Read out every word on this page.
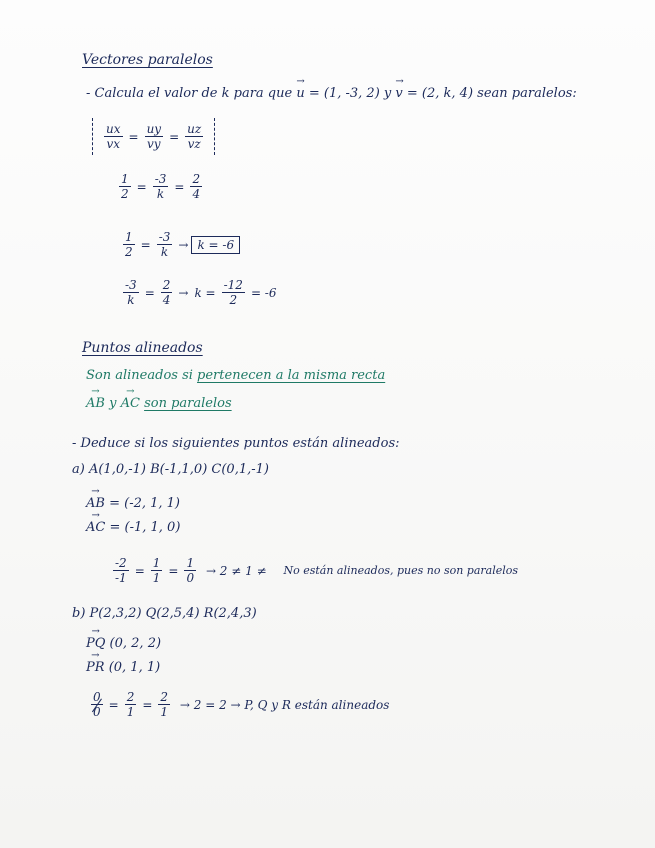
Vectores paralelos
- Calcula el valor de k para que → u = (1, -3, 2) y → v = (2, k, 4) sean paralelos:
$\frac{ux}{vx} = \frac{uy}{vy} = \frac{uz}{vz}$
$\frac{1}{2} = \frac{-3}{k} = \frac{2}{4}$
$\frac{1}{2} = \frac{-3}{k} \to k = -6$
$\frac{-3}{k} = \frac{2}{4} \to k = \frac{-12}{2} = -6$
Puntos alineados
Son alineados si pertenecen a la misma recta
→ AB y → AC son paralelos
- Deduce si los siguientes puntos están alineados:
a) A(1,0,-1) B(-1,1,0) C(0,1,-1)
→ AB = (-2, 1, 1)
→ AC = (-1, 1, 0)
$\frac{-2}{-1} = \frac{1}{1} = \frac{1}{0} \to 2 \ne 1 \ne No$ están alineados, pues no son paralelos
b) P(2,3,2) Q(2,5,4) R(2,4,3)
→ PQ (0, 2, 2)
→ PR (0, 1, 1)
$\frac{0}{0} = \frac{2}{1} = \frac{2}{1} \to 2 = 2 \to P$, Q y R están alineados
